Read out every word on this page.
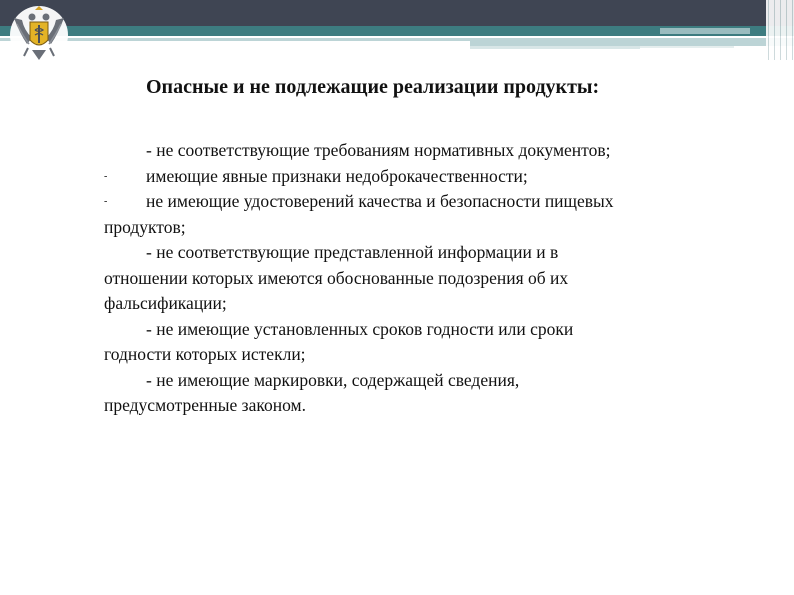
Опасные и не подлежащие реализации продукты:

- не соответствующие требованиям нормативных документов;

- имеющие явные признаки недоброкачественности;

- не имеющие удостоверений качества и безопасности пищевых

продуктов;

- не соответствующие представленной информации и в

отношении которых имеются обоснованные подозрения об их

фальсификации;

- не имеющие установленных сроков годности или сроки

годности которых истекли;

- не имеющие маркировки, содержащей сведения,

предусмотренные законом.
